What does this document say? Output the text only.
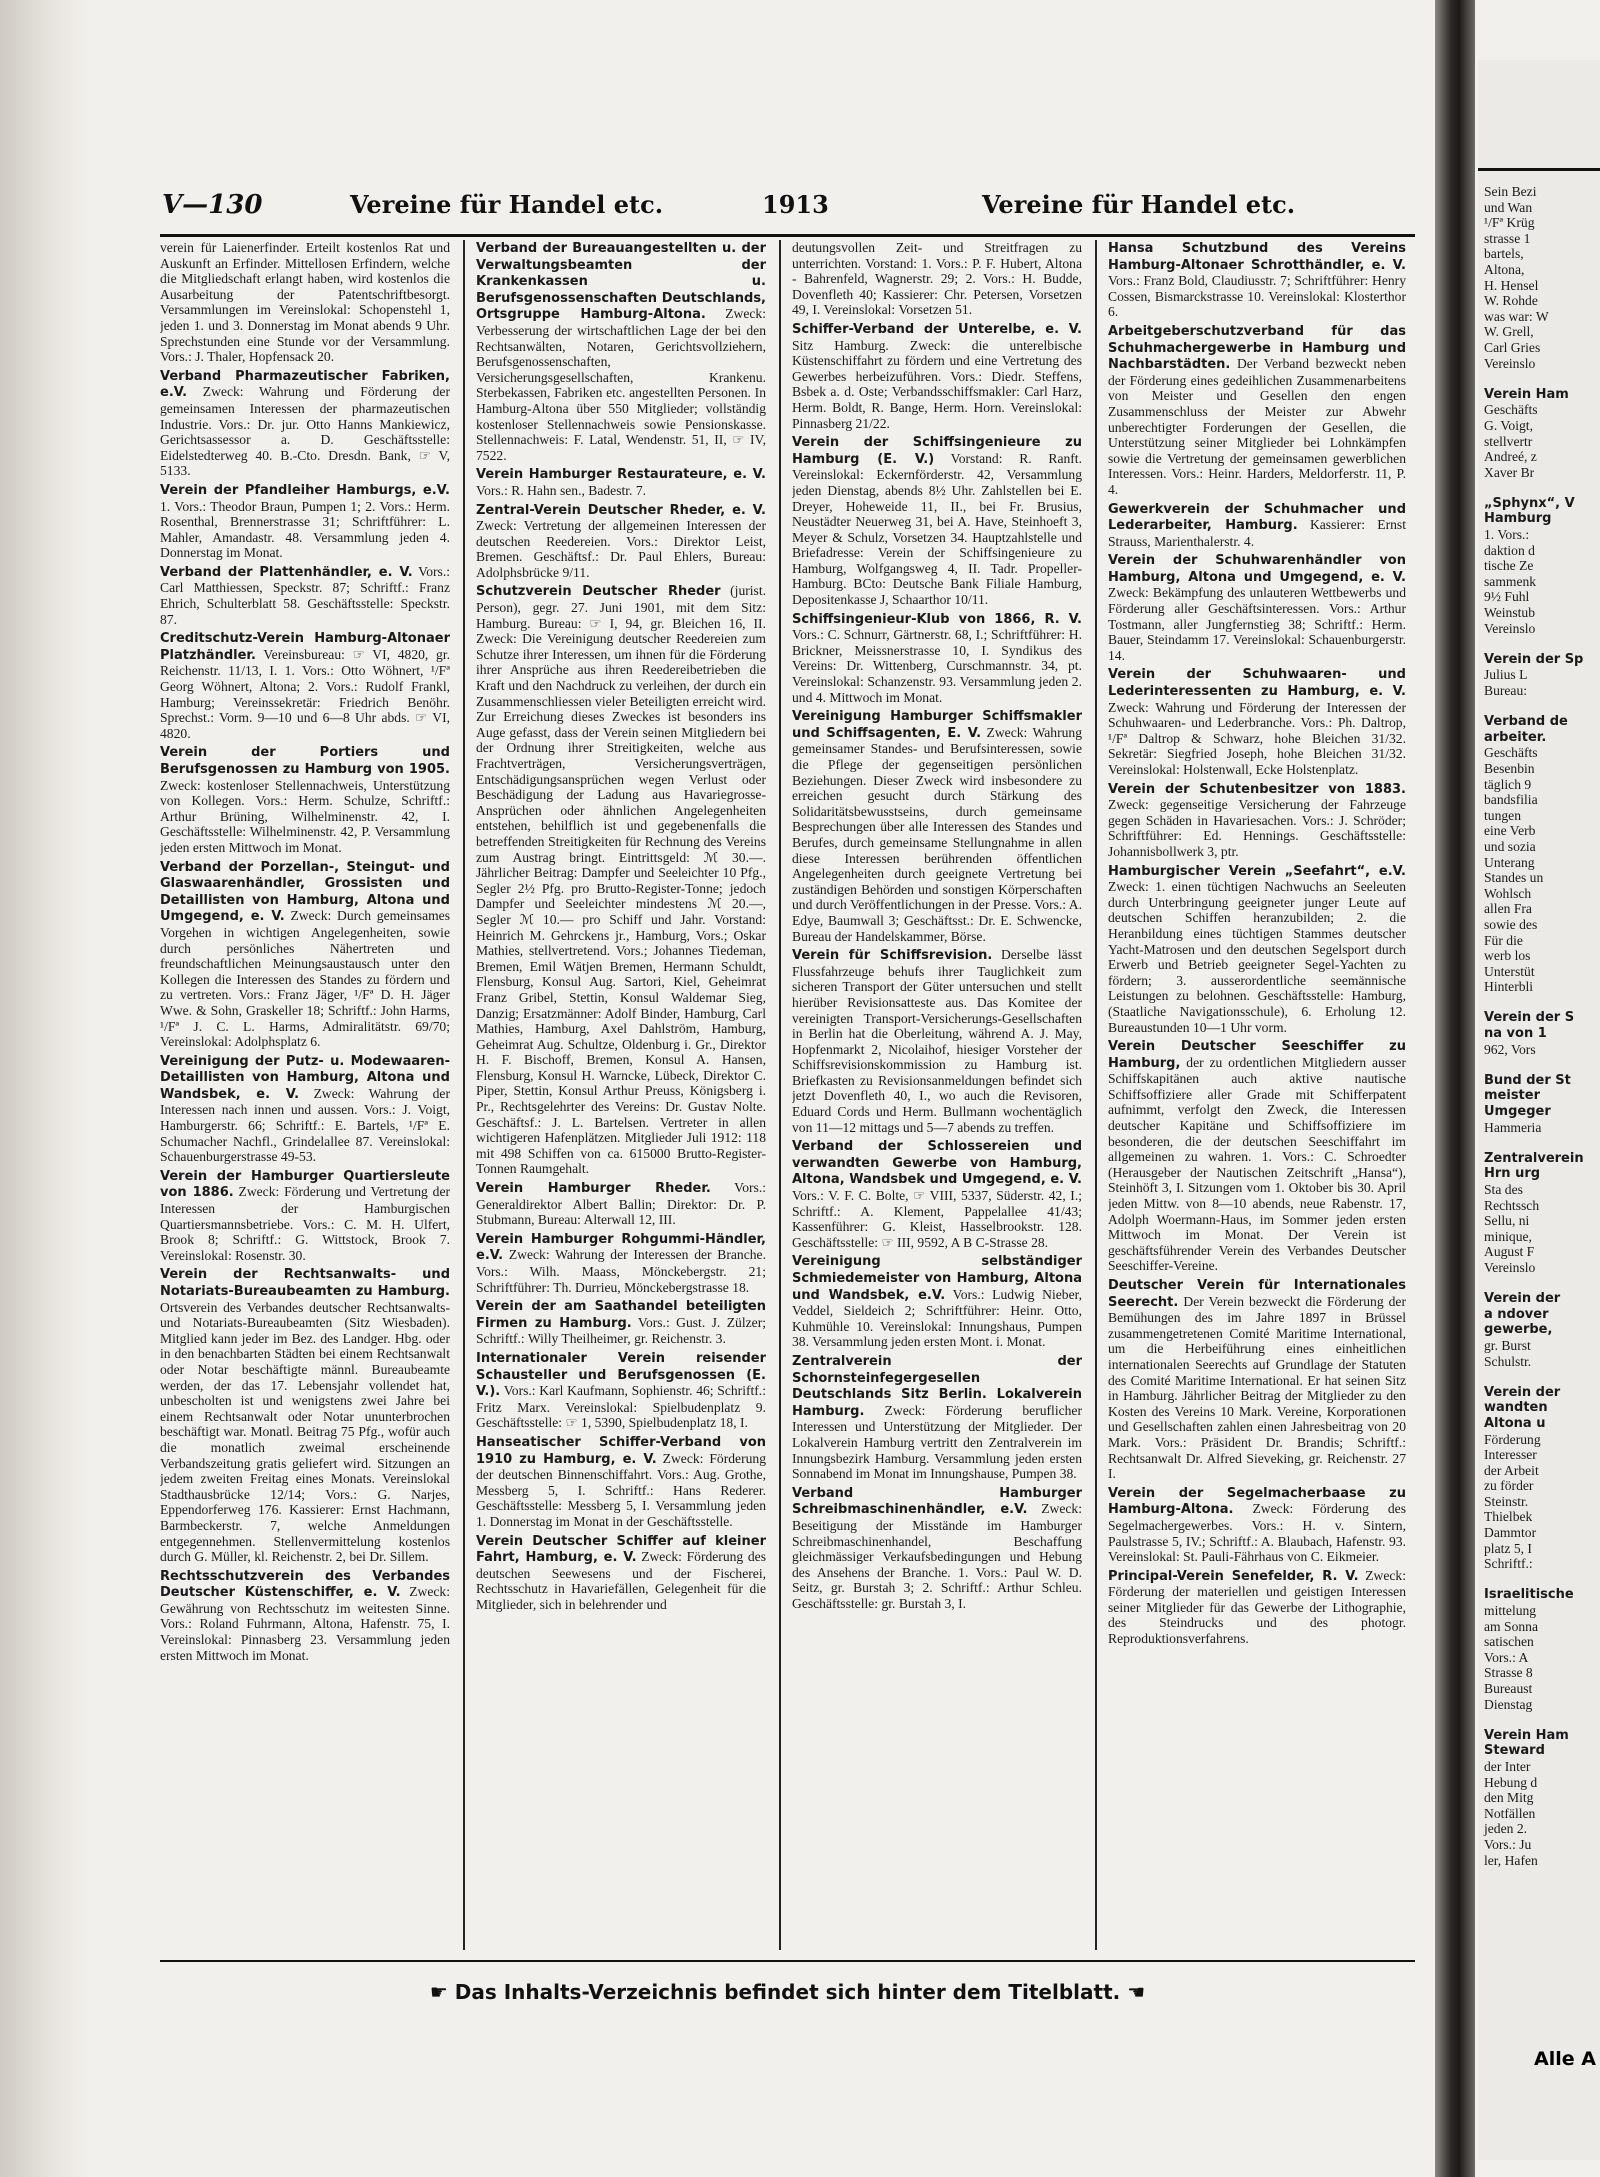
V—130	Vereine für Handel etc.	1913	Vereine für Handel etc.

verein für Laienerfinder. Erteilt kostenlos Rat und Auskunft an Erfinder. Mittellosen Erfindern, welche die Mitgliedschaft erlangt haben, wird kostenlos die Ausarbeitung der Patentschriftbesorgt. Versammlungen im Vereinslokal: Schopenstehl 1, jeden 1. und 3. Donnerstag im Monat abends 9 Uhr. Sprechstunden eine Stunde vor der Versammlung. Vors.: J. Thaler, Hopfensack 20.

Verband Pharmazeutischer Fabriken, e.V. Zweck: Wahrung und Förderung der gemeinsamen Interessen der pharmazeutischen Industrie. Vors.: Dr. jur. Otto Hanns Mankiewicz, Gerichtsassessor a. D. Geschäftsstelle: Eidelstedterweg 40. B.-Cto. Dresdn. Bank, ☞ V, 5133.

Verein der Pfandleiher Hamburgs, e.V. 1. Vors.: Theodor Braun, Pumpen 1; 2. Vors.: Herm. Rosenthal, Brennerstrasse 31; Schriftführer: L. Mahler, Amandastr. 48. Versammlung jeden 4. Donnerstag im Monat.

Verband der Plattenhändler, e. V. Vors.: Carl Matthiessen, Speckstr. 87; Schriftf.: Franz Ehrich, Schulterblatt 58. Geschäftsstelle: Speckstr. 87.

Creditschutz-Verein Hamburg-Altonaer Platzhändler. Vereinsbureau: ☞ VI, 4820, gr. Reichenstr. 11/13, I. 1. Vors.: Otto Wöhnert, ¹/Fª Georg Wöhnert, Altona; 2. Vors.: Rudolf Frankl, Hamburg; Vereinssekretär: Friedrich Benöhr. Sprechst.: Vorm. 9—10 und 6—8 Uhr abds. ☞ VI, 4820.

Verein der Portiers und Berufsgenossen zu Hamburg von 1905. Zweck: kostenloser Stellennachweis, Unterstützung von Kollegen. Vors.: Herm. Schulze, Schriftf.: Arthur Brüning, Wilhelminenstr. 42, I. Geschäftsstelle: Wilhelminenstr. 42, P. Versammlung jeden ersten Mittwoch im Monat.

Verband der Porzellan-, Steingut- und Glaswaarenhändler, Grossisten und Detaillisten von Hamburg, Altona und Umgegend, e. V. Zweck: Durch gemeinsames Vorgehen in wichtigen Angelegenheiten, sowie durch persönliches Nähertreten und freundschaftlichen Meinungsaustausch unter den Kollegen die Interessen des Standes zu fördern und zu vertreten. Vors.: Franz Jäger, ¹/Fª D. H. Jäger Wwe. & Sohn, Graskeller 18; Schriftf.: John Harms, ¹/Fª J. C. L. Harms, Admiralitätstr. 69/70; Vereinslokal: Adolphsplatz 6.

Vereinigung der Putz- u. Modewaaren-Detaillisten von Hamburg, Altona und Wandsbek, e. V. Zweck: Wahrung der Interessen nach innen und aussen. Vors.: J. Voigt, Hamburgerstr. 66; Schriftf.: E. Bartels, ¹/Fª E. Schumacher Nachfl., Grindelallee 87. Vereinslokal: Schauenburgerstrasse 49-53.

Verein der Hamburger Quartiersleute von 1886. Zweck: Förderung und Vertretung der Interessen der Hamburgischen Quartiersmannsbetriebe. Vors.: C. M. H. Ulfert, Brook 8; Schriftf.: G. Wittstock, Brook 7. Vereinslokal: Rosenstr. 30.

Verein der Rechtsanwalts- und Notariats-Bureaubeamten zu Hamburg. Ortsverein des Verbandes deutscher Rechtsanwalts- und Notariats-Bureaubeamten (Sitz Wiesbaden). Mitglied kann jeder im Bez. des Landger. Hbg. oder in den benachbarten Städten bei einem Rechtsanwalt oder Notar beschäftigte männl. Bureaubeamte werden, der das 17. Lebensjahr vollendet hat, unbescholten ist und wenigstens zwei Jahre bei einem Rechtsanwalt oder Notar ununterbrochen beschäftigt war. Monatl. Beitrag 75 Pfg., wofür auch die monatlich zweimal erscheinende Verbandszeitung gratis geliefert wird. Sitzungen an jedem zweiten Freitag eines Monats. Vereinslokal Stadthausbrücke 12/14; Vors.: G. Narjes, Eppendorferweg 176. Kassierer: Ernst Hachmann, Barmbeckerstr. 7, welche Anmeldungen entgegennehmen. Stellenvermittelung kostenlos durch G. Müller, kl. Reichenstr. 2, bei Dr. Sillem.

Rechtsschutzverein des Verbandes Deutscher Küstenschiffer, e. V. Zweck: Gewährung von Rechtsschutz im weitesten Sinne. Vors.: Roland Fuhrmann, Altona, Hafenstr. 75, I. Vereinslokal: Pinnasberg 23. Versammlung jeden ersten Mittwoch im Monat.

Verband der Bureauangestellten u. der Verwaltungsbeamten der Krankenkassen u. Berufsgenossenschaften Deutschlands, Ortsgruppe Hamburg-Altona. Zweck: Verbesserung der wirtschaftlichen Lage der bei den Rechtsanwälten, Notaren, Gerichtsvollziehern, Berufsgenossenschaften, Versicherungsgesellschaften, Krankenu. Sterbekassen, Fabriken etc. angestellten Personen. In Hamburg-Altona über 550 Mitglieder; vollständig kostenloser Stellennachweis sowie Pensionskasse. Stellennachweis: F. Latal, Wendenstr. 51, II, ☞ IV, 7522.

Verein Hamburger Restaurateure, e. V. Vors.: R. Hahn sen., Badestr. 7.

Zentral-Verein Deutscher Rheder, e. V. Zweck: Vertretung der allgemeinen Interessen der deutschen Reedereien. Vors.: Direktor Leist, Bremen. Geschäftsf.: Dr. Paul Ehlers, Bureau: Adolphsbrücke 9/11.

Schutzverein Deutscher Rheder (jurist. Person), gegr. 27. Juni 1901, mit dem Sitz: Hamburg. Bureau: ☞ I, 94, gr. Bleichen 16, II. Zweck: Die Vereinigung deutscher Reedereien zum Schutze ihrer Interessen, um ihnen für die Förderung ihrer Ansprüche aus ihren Reedereibetrieben die Kraft und den Nachdruck zu verleihen, der durch ein Zusammenschliessen vieler Beteiligten erreicht wird. Zur Erreichung dieses Zweckes ist besonders ins Auge gefasst, dass der Verein seinen Mitgliedern bei der Ordnung ihrer Streitigkeiten, welche aus Frachtverträgen, Versicherungsverträgen, Entschädigungsansprüchen wegen Verlust oder Beschädigung der Ladung aus Havariegrosse-Ansprüchen oder ähnlichen Angelegenheiten entstehen, behilflich ist und gegebenenfalls die betreffenden Streitigkeiten für Rechnung des Vereins zum Austrag bringt. Eintrittsgeld: ℳ 30.—. Jährlicher Beitrag: Dampfer und Seeleichter 10 Pfg., Segler 2½ Pfg. pro Brutto-Register-Tonne; jedoch Dampfer und Seeleichter mindestens ℳ 20.—, Segler ℳ 10.— pro Schiff und Jahr. Vorstand: Heinrich M. Gehrckens jr., Hamburg, Vors.; Oskar Mathies, stellvertretend. Vors.; Johannes Tiedeman, Bremen, Emil Wätjen Bremen, Hermann Schuldt, Flensburg, Konsul Aug. Sartori, Kiel, Geheimrat Franz Gribel, Stettin, Konsul Waldemar Sieg, Danzig; Ersatzmänner: Adolf Binder, Hamburg, Carl Mathies, Hamburg, Axel Dahlström, Hamburg, Geheimrat Aug. Schultze, Oldenburg i. Gr., Direktor H. F. Bischoff, Bremen, Konsul A. Hansen, Flensburg, Konsul H. Warncke, Lübeck, Direktor C. Piper, Stettin, Konsul Arthur Preuss, Königsberg i. Pr., Rechtsgelehrter des Vereins: Dr. Gustav Nolte. Geschäftsf.: J. L. Bartelsen. Vertreter in allen wichtigeren Hafenplätzen. Mitglieder Juli 1912: 118 mit 498 Schiffen von ca. 615000 Brutto-Register-Tonnen Raumgehalt.

Verein Hamburger Rheder. Vors.: Generaldirektor Albert Ballin; Direktor: Dr. P. Stubmann, Bureau: Alterwall 12, III.

Verein Hamburger Rohgummi-Händler, e.V. Zweck: Wahrung der Interessen der Branche. Vors.: Wilh. Maass, Mönckebergstr. 21; Schriftführer: Th. Durrieu, Mönckebergstrasse 18.

Verein der am Saathandel beteiligten Firmen zu Hamburg. Vors.: Gust. J. Zülzer; Schriftf.: Willy Theilheimer, gr. Reichenstr. 3.

Internationaler Verein reisender Schausteller und Berufsgenossen (E. V.). Vors.: Karl Kaufmann, Sophienstr. 46; Schriftf.: Fritz Marx. Vereinslokal: Spielbudenplatz 9. Geschäftsstelle: ☞ 1, 5390, Spielbudenplatz 18, I.

Hanseatischer Schiffer-Verband von 1910 zu Hamburg, e. V. Zweck: Förderung der deutschen Binnenschiffahrt. Vors.: Aug. Grothe, Messberg 5, I. Schriftf.: Hans Rederer. Geschäftsstelle: Messberg 5, I. Versammlung jeden 1. Donnerstag im Monat in der Geschäftsstelle.

Verein Deutscher Schiffer auf kleiner Fahrt, Hamburg, e. V. Zweck: Förderung des deutschen Seewesens und der Fischerei, Rechtsschutz in Havariefällen, Gelegenheit für die Mitglieder, sich in belehrender und

deutungsvollen Zeit- und Streitfragen zu unterrichten. Vorstand: 1. Vors.: P. F. Hubert, Altona - Bahrenfeld, Wagnerstr. 29; 2. Vors.: H. Budde, Dovenfleth 40; Kassierer: Chr. Petersen, Vorsetzen 49, I. Vereinslokal: Vorsetzen 51.

Schiffer-Verband der Unterelbe, e. V. Sitz Hamburg. Zweck: die unterelbische Küstenschiffahrt zu fördern und eine Vertretung des Gewerbes herbeizuführen. Vors.: Diedr. Steffens, Bsbek a. d. Oste; Verbandsschiffsmakler: Carl Harz, Herm. Boldt, R. Bange, Herm. Horn. Vereinslokal: Pinnasberg 21/22.

Verein der Schiffsingenieure zu Hamburg (E. V.) Vorstand: R. Ranft. Vereinslokal: Eckernförderstr. 42, Versammlung jeden Dienstag, abends 8½ Uhr. Zahlstellen bei E. Dreyer, Hoheweide 11, II., bei Fr. Brusius, Neustädter Neuerweg 31, bei A. Have, Steinhoeft 3, Meyer & Schulz, Vorsetzen 34. Hauptzahlstelle und Briefadresse: Verein der Schiffsingenieure zu Hamburg, Wolfgangsweg 4, II. Tadr. Propeller-Hamburg. BCto: Deutsche Bank Filiale Hamburg, Depositenkasse J, Schaarthor 10/11.

Schiffsingenieur-Klub von 1866, R. V. Vors.: C. Schnurr, Gärtnerstr. 68, I.; Schriftführer: H. Brickner, Meissnerstrasse 10, I. Syndikus des Vereins: Dr. Wittenberg, Curschmannstr. 34, pt. Vereinslokal: Schanzenstr. 93. Versammlung jeden 2. und 4. Mittwoch im Monat.

Vereinigung Hamburger Schiffsmakler und Schiffsagenten, E. V. Zweck: Wahrung gemeinsamer Standes- und Berufsinteressen, sowie die Pflege der gegenseitigen persönlichen Beziehungen. Dieser Zweck wird insbesondere zu erreichen gesucht durch Stärkung des Solidaritätsbewusstseins, durch gemeinsame Besprechungen über alle Interessen des Standes und Berufes, durch gemeinsame Stellungnahme in allen diese Interessen berührenden öffentlichen Angelegenheiten durch geeignete Vertretung bei zuständigen Behörden und sonstigen Körperschaften und durch Veröffentlichungen in der Presse. Vors.: A. Edye, Baumwall 3; Geschäftsst.: Dr. E. Schwencke, Bureau der Handelskammer, Börse.

Verein für Schiffsrevision. Derselbe lässt Flussfahrzeuge behufs ihrer Tauglichkeit zum sicheren Transport der Güter untersuchen und stellt hierüber Revisionsatteste aus. Das Komitee der vereinigten Transport-Versicherungs-Gesellschaften in Berlin hat die Oberleitung, während A. J. May, Hopfenmarkt 2, Nicolaihof, hiesiger Vorsteher der Schiffsrevisionskommission zu Hamburg ist. Briefkasten zu Revisionsanmeldungen befindet sich jetzt Dovenfleth 40, I., wo auch die Revisoren, Eduard Cords und Herm. Bullmann wochentäglich von 11—12 mittags und 5—7 abends zu treffen.

Verband der Schlossereien und verwandten Gewerbe von Hamburg, Altona, Wandsbek und Umgegend, e. V. Vors.: V. F. C. Bolte, ☞ VIII, 5337, Süderstr. 42, I.; Schriftf.: A. Klement, Pappelallee 41/43; Kassenführer: G. Kleist, Hasselbrookstr. 128. Geschäftsstelle: ☞ III, 9592, A B C-Strasse 28.

Vereinigung selbständiger Schmiedemeister von Hamburg, Altona und Wandsbek, e.V. Vors.: Ludwig Nieber, Veddel, Sieldeich 2; Schriftführer: Heinr. Otto, Kuhmühle 10. Vereinslokal: Innungshaus, Pumpen 38. Versammlung jeden ersten Mont. i. Monat.

Zentralverein der Schornsteinfegergesellen Deutschlands Sitz Berlin. Lokalverein Hamburg. Zweck: Förderung beruflicher Interessen und Unterstützung der Mitglieder. Der Lokalverein Hamburg vertritt den Zentralverein im Innungsbezirk Hamburg. Versammlung jeden ersten Sonnabend im Monat im Innungshause, Pumpen 38.

Verband Hamburger Schreibmaschinenhändler, e.V. Zweck: Beseitigung der Misstände im Hamburger Schreibmaschinenhandel, Beschaffung gleichmässiger Verkaufsbedingungen und Hebung des Ansehens der Branche. 1. Vors.: Paul W. D. Seitz, gr. Burstah 3; 2. Schriftf.: Arthur Schleu. Geschäftsstelle: gr. Burstah 3, I.

Hansa Schutzbund des Vereins Hamburg-Altonaer Schrotthändler, e. V. Vors.: Franz Bold, Claudiusstr. 7; Schriftführer: Henry Cossen, Bismarckstrasse 10. Vereinslokal: Klosterthor 6.

Arbeitgeberschutzverband für das Schuhmachergewerbe in Hamburg und Nachbarstädten. Der Verband bezweckt neben der Förderung eines gedeihlichen Zusammenarbeitens von Meister und Gesellen den engen Zusammenschluss der Meister zur Abwehr unberechtigter Forderungen der Gesellen, die Unterstützung seiner Mitglieder bei Lohnkämpfen sowie die Vertretung der gemeinsamen gewerblichen Interessen. Vors.: Heinr. Harders, Meldorferstr. 11, P. 4.

Gewerkverein der Schuhmacher und Lederarbeiter, Hamburg. Kassierer: Ernst Strauss, Marienthalerstr. 4.

Verein der Schuhwarenhändler von Hamburg, Altona und Umgegend, e. V. Zweck: Bekämpfung des unlauteren Wettbewerbs und Förderung aller Geschäftsinteressen. Vors.: Arthur Tostmann, aller Jungfernstieg 38; Schriftf.: Herm. Bauer, Steindamm 17. Vereinslokal: Schauenburgerstr. 14.

Verein der Schuhwaaren- und Lederinteressenten zu Hamburg, e. V. Zweck: Wahrung und Förderung der Interessen der Schuhwaaren- und Lederbranche. Vors.: Ph. Daltrop, ¹/Fª Daltrop & Schwarz, hohe Bleichen 31/32. Sekretär: Siegfried Joseph, hohe Bleichen 31/32. Vereinslokal: Holstenwall, Ecke Holstenplatz.

Verein der Schutenbesitzer von 1883. Zweck: gegenseitige Versicherung der Fahrzeuge gegen Schäden in Havariesachen. Vors.: J. Schröder; Schriftführer: Ed. Hennings. Geschäftsstelle: Johannisbollwerk 3, ptr.

Hamburgischer Verein „Seefahrt“, e.V. Zweck: 1. einen tüchtigen Nachwuchs an Seeleuten durch Unterbringung geeigneter junger Leute auf deutschen Schiffen heranzubilden; 2. die Heranbildung eines tüchtigen Stammes deutscher Yacht-Matrosen und den deutschen Segelsport durch Erwerb und Betrieb geeigneter Segel-Yachten zu fördern; 3. ausserordentliche seemännische Leistungen zu belohnen. Geschäftsstelle: Hamburg, (Staatliche Navigationsschule), 6. Erholung 12. Bureaustunden 10—1 Uhr vorm.

Verein Deutscher Seeschiffer zu Hamburg, der zu ordentlichen Mitgliedern ausser Schiffskapitänen auch aktive nautische Schiffsoffiziere aller Grade mit Schifferpatent aufnimmt, verfolgt den Zweck, die Interessen deutscher Kapitäne und Schiffsoffiziere im besonderen, die der deutschen Seeschiffahrt im allgemeinen zu wahren. 1. Vors.: C. Schroedter (Herausgeber der Nautischen Zeitschrift „Hansa“), Steinhöft 3, I. Sitzungen vom 1. Oktober bis 30. April jeden Mittw. von 8—10 abends, neue Rabenstr. 17, Adolph Woermann-Haus, im Sommer jeden ersten Mittwoch im Monat. Der Verein ist geschäftsführender Verein des Verbandes Deutscher Seeschiffer-Vereine.

Deutscher Verein für Internationales Seerecht. Der Verein bezweckt die Förderung der Bemühungen des im Jahre 1897 in Brüssel zusammengetretenen Comité Maritime International, um die Herbeiführung eines einheitlichen internationalen Seerechts auf Grundlage der Statuten des Comité Maritime International. Er hat seinen Sitz in Hamburg. Jährlicher Beitrag der Mitglieder zu den Kosten des Vereins 10 Mark. Vereine, Korporationen und Gesellschaften zahlen einen Jahresbeitrag von 20 Mark. Vors.: Präsident Dr. Brandis; Schriftf.: Rechtsanwalt Dr. Alfred Sieveking, gr. Reichenstr. 27 I.

Verein der Segelmacherbaase zu Hamburg-Altona. Zweck: Förderung des Segelmachergewerbes. Vors.: H. v. Sintern, Paulstrasse 5, IV.; Schriftf.: A. Blaubach, Hafenstr. 93. Vereinslokal: St. Pauli-Fährhaus von C. Eikmeier.

Principal-Verein Senefelder, R. V. Zweck: Förderung der materiellen und geistigen Interessen seiner Mitglieder für das Gewerbe der Lithographie, des Steindrucks und des photogr. Reproduktionsverfahrens.

☛ Das Inhalts-Verzeichnis befindet sich hinter dem Titelblatt. ☚
Sein Bezi
und Wan
¹/Fª Krüg
strasse 1
bartels,
Altona,
H. Hensel
W. Rohde
was war: W
W. Grell,
Carl Gries
Vereinslo

Verein Ham
Geschäfts
G. Voigt,
stellvertr
Andreé, z
Xaver Br

„Sphynx“, V
Hamburg
1. Vors.:
daktion d
tische Ze
sammenk
9½ Fuhl
Weinstub
Vereinslo

Verein der Sp
Julius L
Bureau:

Verband de
arbeiter.
Geschäfts
Besenbin
täglich 9
bandsfilia
tungen
eine Verb
und sozia
Unterang
Standes un
Wohlsch
allen Fra
sowie des
Für die
werb los
Unterstüt
Hinterbli

Verein der S
na von 1
962, Vors

Bund der St
meister
Umgeger
Hammeria

Zentralverein
Hrn urg
Sta des
Rechtssch
Sellu, ni
minique,
August F
Vereinslo

Verein der
a ndover
gewerbe,
gr. Burst
Schulstr.

Verein der
wandten
Altona u
Förderung
Interesser
der Arbeit
zu förder
Steinstr.
Thielbek
Dammtor
platz 5, I
Schriftf.:

Israelitische
mittelung
am Sonna
satischen
Vors.: A
Strasse 8
Bureaust
Dienstag

Verein Ham
Steward
der Inter
Hebung d
den Mitg
Notfällen
jeden 2.
Vors.: Ju
ler, Hafen
Alle A
